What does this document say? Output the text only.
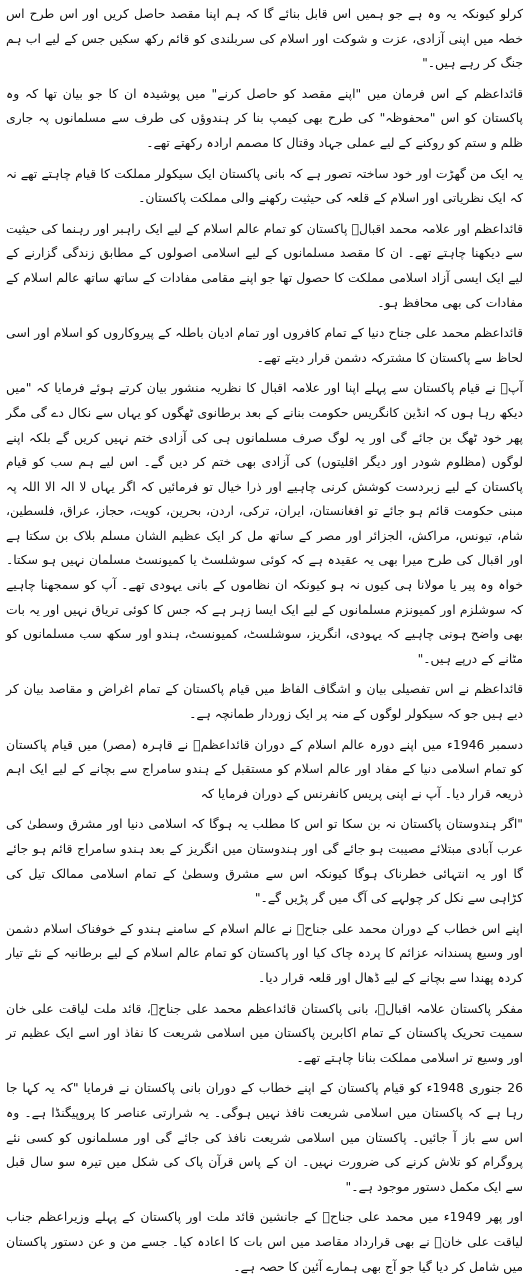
کرلو کیونکہ یہ وہ ہے جو ہمیں اس قابل بنائے گا کہ ہم اپنا مقصد حاصل کریں اور اس طرح اس خطہ میں اپنی آزادی، عزت و شوکت اور اسلام کی سربلندی کو قائم رکھ سکیں جس کے لیے اب ہم جنگ کر رہے ہیں۔"

قائداعظم کے اس فرمان میں "اپنے مقصد کو حاصل کرنے" میں پوشیدہ ان کا جو بیان تھا کہ وہ پاکستان کو اس "محفوظہ" کی طرح بھی کیمپ بنا کر ہندوؤں کی طرف سے مسلمانوں پہ جاری ظلم و ستم کو روکنے کے لیے عملی جہاد وقتال کا مصمم ارادہ رکھتے تھے۔

یہ ایک من گھڑت اور خود ساختہ تصور ہے کہ بانی پاکستان ایک سیکولر مملکت کا قیام چاہتے تھے نہ کہ ایک نظریاتی اور اسلام کے قلعہ کی حیثیت رکھنے والی مملکت پاکستان۔

قائداعظم اور علامہ محمد اقبالؒ پاکستان کو تمام عالم اسلام کے لیے ایک راہبر اور رہنما کی حیثیت سے دیکھنا چاہتے تھے۔ ان کا مقصد مسلمانوں کے لیے اسلامی اصولوں کے مطابق زندگی گزارنے کے لیے ایک ایسی آزاد اسلامی مملکت کا حصول تھا جو اپنے مقامی مفادات کے ساتھ ساتھ عالم اسلام کے مفادات کی بھی محافظ ہو۔

قائداعظم محمد علی جناح دنیا کے تمام کافروں اور تمام ادیان باطلہ کے پیروکاروں کو اسلام اور اسی لحاظ سے پاکستان کا مشترکہ دشمن قرار دیتے تھے۔

آپؒ نے قیام پاکستان سے پہلے اپنا اور علامہ اقبال کا نظریہ منشور بیان کرتے ہوئے فرمایا کہ "میں دیکھ رہا ہوں کہ انڈین کانگریس حکومت بنانے کے بعد برطانوی ٹھگوں کو یہاں سے نکال دے گی مگر پھر خود ٹھگ بن جائے گی اور یہ لوگ صرف مسلمانوں ہی کی آزادی ختم نہیں کریں گے بلکہ اپنے لوگوں (مظلوم شودر اور دیگر اقلیتوں) کی آزادی بھی ختم کر دیں گے۔ اس لیے ہم سب کو قیام پاکستان کے لیے زبردست کوشش کرنی چاہیے اور ذرا خیال تو فرمائیں کہ اگر یہاں لا الہ الا اللہ پہ مبنی حکومت قائم ہو جائے تو افغانستان، ایران، ترکی، اردن، بحرین، کویت، حجاز، عراق، فلسطین، شام، تیونس، مراکش، الجزائر اور مصر کے ساتھ مل کر ایک عظیم الشان مسلم بلاک بن سکتا ہے اور اقبال کی طرح میرا بھی یہ عقیدہ ہے کہ کوئی سوشلسٹ یا کمیونسٹ مسلمان نہیں ہو سکتا۔ خواہ وہ پیر یا مولانا ہی کیوں نہ ہو کیونکہ ان نظاموں کے بانی یہودی تھے۔ آپ کو سمجھنا چاہیے کہ سوشلزم اور کمیونزم مسلمانوں کے لیے ایک ایسا زہر ہے کہ جس کا کوئی تریاق نہیں اور یہ بات بھی واضح ہونی چاہیے کہ یہودی، انگریز، سوشلسٹ، کمیونسٹ، ہندو اور سکھ سب مسلمانوں کو مٹانے کے درپے ہیں۔"

قائداعظم نے اس تفصیلی بیان و اشگاف الفاظ میں قیام پاکستان کے تمام اغراض و مقاصد بیان کر دیے ہیں جو کہ سیکولر لوگوں کے منہ پر ایک زوردار طمانچہ ہے۔

دسمبر 1946ء میں اپنے دورہ عالم اسلام کے دوران قائداعظمؒ نے قاہرہ (مصر) میں قیام پاکستان کو تمام اسلامی دنیا کے مفاد اور عالم اسلام کو مستقبل کے ہندو سامراج سے بچانے کے لیے ایک اہم ذریعہ قرار دیا۔ آپ نے اپنی پریس کانفرنس کے دوران فرمایا کہ

"اگر ہندوستان پاکستان نہ بن سکا تو اس کا مطلب یہ ہوگا کہ اسلامی دنیا اور مشرق وسطیٰ کی عرب آبادی مبتلائے مصیبت ہو جائے گی اور ہندوستان میں انگریز کے بعد ہندو سامراج قائم ہو جائے گا اور یہ انتہائی خطرناک ہوگا کیونکہ اس سے مشرق وسطیٰ کے تمام اسلامی ممالک تیل کی کڑاہی سے نکل کر چولہے کی آگ میں گر پڑیں گے۔"

اپنے اس خطاب کے دوران محمد علی جناحؒ نے عالم اسلام کے سامنے ہندو کے خوفناک اسلام دشمن اور وسیع پسندانہ عزائم کا پردہ چاک کیا اور پاکستان کو تمام عالم اسلام کے لیے برطانیہ کے نئے تیار کردہ پھندا سے بچانے کے لیے ڈھال اور قلعہ قرار دیا۔

مفکر پاکستان علامہ اقبالؒ، بانی پاکستان قائداعظم محمد علی جناحؒ، قائد ملت لیاقت علی خان سمیت تحریک پاکستان کے تمام اکابرین پاکستان میں اسلامی شریعت کا نفاذ اور اسے ایک عظیم تر اور وسیع تر اسلامی مملکت بنانا چاہتے تھے۔

26 جنوری 1948ء کو قیام پاکستان کے اپنے خطاب کے دوران بانی پاکستان نے فرمایا "کہ یہ کہا جا رہا ہے کہ پاکستان میں اسلامی شریعت نافذ نہیں ہوگی۔ یہ شرارتی عناصر کا پروپیگنڈا ہے۔ وہ اس سے باز آ جائیں۔ پاکستان میں اسلامی شریعت نافذ کی جائے گی اور مسلمانوں کو کسی نئے پروگرام کو تلاش کرنے کی ضرورت نہیں۔ ان کے پاس قرآن پاک کی شکل میں تیرہ سو سال قبل سے ایک مکمل دستور موجود ہے۔"

اور پھر 1949ء میں محمد علی جناحؒ کے جانشین قائد ملت اور پاکستان کے پہلے وزیراعظم جناب لیاقت علی خانؒ نے بھی قرارداد مقاصد میں اس بات کا اعادہ کیا۔ جسے من و عن دستور پاکستان میں شامل کر دیا گیا جو آج بھی ہمارے آئین کا حصہ ہے۔
